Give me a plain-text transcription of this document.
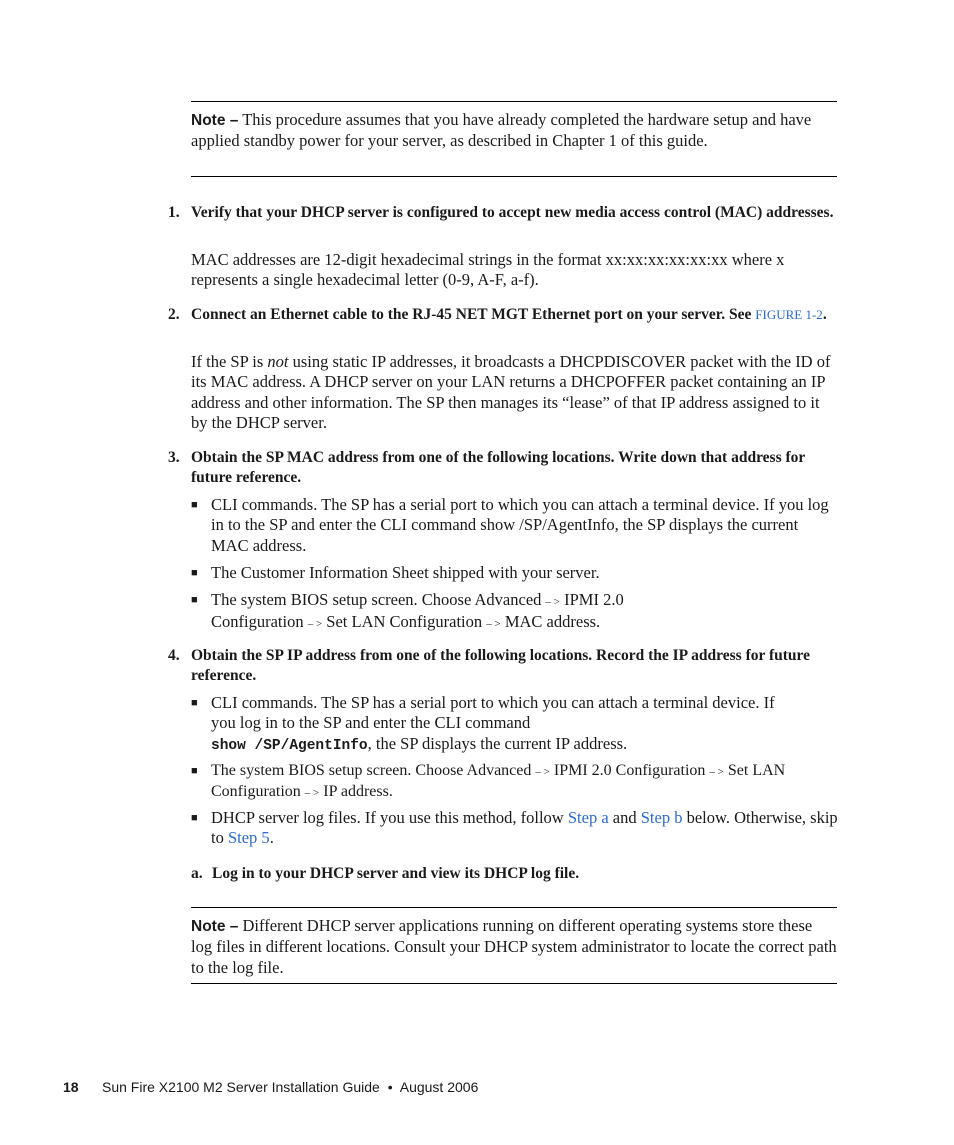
Note – This procedure assumes that you have already completed the hardware setup and have applied standby power for your server, as described in Chapter 1 of this guide.
1. Verify that your DHCP server is configured to accept new media access control (MAC) addresses.
MAC addresses are 12-digit hexadecimal strings in the format xx:xx:xx:xx:xx:xx where x represents a single hexadecimal letter (0-9, A-F, a-f).
2. Connect an Ethernet cable to the RJ-45 NET MGT Ethernet port on your server. See FIGURE 1-2.
If the SP is not using static IP addresses, it broadcasts a DHCPDISCOVER packet with the ID of its MAC address. A DHCP server on your LAN returns a DHCPOFFER packet containing an IP address and other information. The SP then manages its “lease” of that IP address assigned to it by the DHCP server.
3. Obtain the SP MAC address from one of the following locations. Write down that address for future reference.
■ CLI commands. The SP has a serial port to which you can attach a terminal device. If you log in to the SP and enter the CLI command show /SP/AgentInfo, the SP displays the current MAC address.
■ The Customer Information Sheet shipped with your server.
■ The system BIOS setup screen. Choose Advanced – > IPMI 2.0
Configuration – > Set LAN Configuration – > MAC address.
4. Obtain the SP IP address from one of the following locations. Record the IP address for future reference.
■ CLI commands. The SP has a serial port to which you can attach a terminal device. If you log in to the SP and enter the CLI command
show /SP/AgentInfo, the SP displays the current IP address.
■ The system BIOS setup screen. Choose Advanced – > IPMI 2.0 Configuration – > Set LAN Configuration – > IP address.
■ DHCP server log files. If you use this method, follow Step a and Step b below. Otherwise, skip to Step 5.
a. Log in to your DHCP server and view its DHCP log file.
Note – Different DHCP server applications running on different operating systems store these log files in different locations. Consult your DHCP system administrator to locate the correct path to the log file.
18 Sun Fire X2100 M2 Server Installation Guide • August 2006
